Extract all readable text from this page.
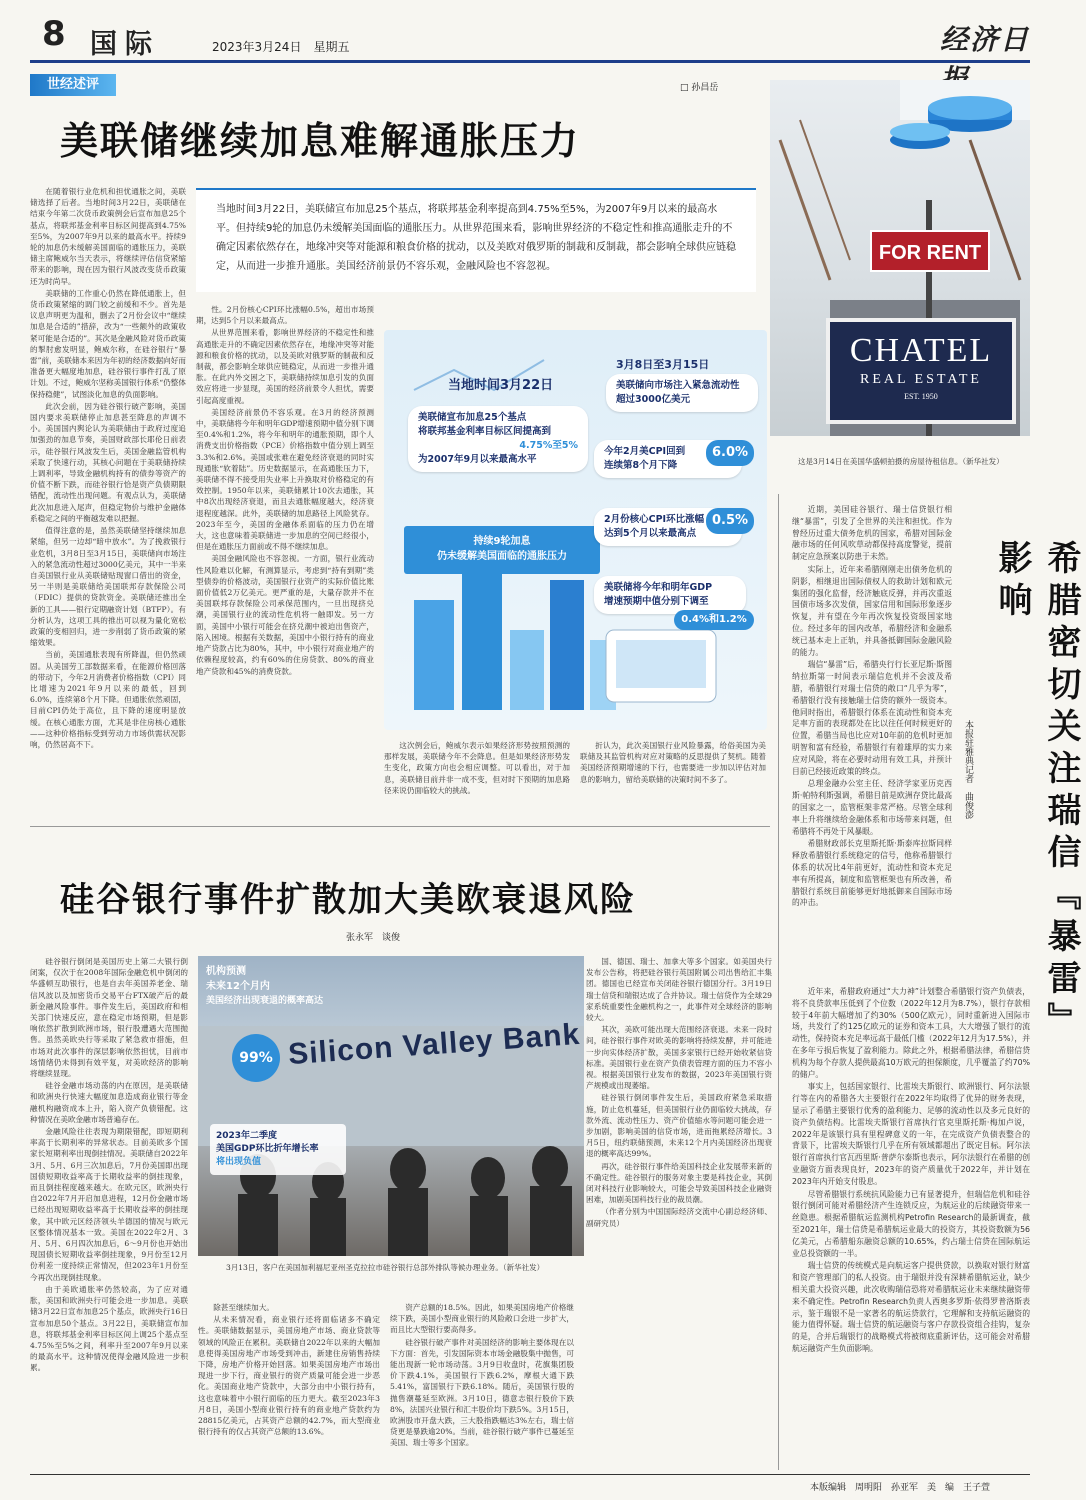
8 国际	2023年3月24日　星期五	经济日
世经述评	□ 孙昌岳
美联储继续加息难解通胀压力
FOR RENT
CHATEL
REAL ESTATE
EST. 1950
这是3月14日在美国华盛顿拍摄的房屋待租信息。（新华社发）
当地时间3月22日，美联储宣布加息25个基点，将联邦基金利率提高到4.75%至5%，为2007年9月以来的最高水平。但持续9轮的加息仍未缓解美国面临的通胀压力。从世界范围来看，影响世界经济的不稳定性和推高通胀走升的不确定因素依然存在，地缘冲突等对能源和粮食价格的扰动，以及美欧对俄罗斯的制裁和反制裁，都会影响全球供应链稳定，从而进一步推升通胀。美国经济前景仍不容乐观，金融风险也不容忽视。

在随着银行业危机和担忧通胀之间，美联储选择了后者。当地时间3月22日，美联储在结束今年第二次货币政策例会后宣布加息25个基点，将联邦基金利率目标区间提高到4.75%至5%，为2007年9月以来的最高水平。持续9轮的加息仍未缓解美国面临的通胀压力，美联储主席鲍威尔当天表示，将继续评估信贷紧缩带来的影响，现在因为银行风波改变货币政策还为时尚早。

美联储的工作重心仍然在降低通胀上，但货币政策紧缩的调门较之前缓和不少。首先是议息声明更为温和，删去了2月份会议中“继续加息是合适的”措辞，改为“一些额外的政策收紧可能是合适的”。其次是金融风险对货币政策的掣肘愈发明显，鲍威尔称，在硅谷银行“暴雷”前，美联储本来因为年初的经济数据向好而准备更大幅度地加息，硅谷银行事件打乱了原计划。不过，鲍威尔坚称美国银行体系“仍整体保持稳健”，试图淡化加息的负面影响。

此次会前，因为硅谷银行破产影响，美国国内要求美联储停止加息甚至降息的声调不小。美国国内舆论认为美联储由于政府过度追加强劲的加息节奏，美国财政部长耶伦日前表示，硅谷银行风波发生后，美国金融监管机构采取了快速行动，其核心问题在于美联储持续上调利率，导致金融机构持有的债券等资产的价值不断下跌，而硅谷银行恰是资产负债期限错配，流动性出现问题。有观点认为，美联储此次加息进入尾声，但稳定物价与维护金融体系稳定之间的平衡越发难以把握。

值得注意的是，虽然美联储坚持继续加息紧缩，但另一边却“暗中放水”。为了挽救银行业危机，3月8日至3月15日，美联储向市场注入的紧急流动性超过3000亿美元，其中一半来自美国银行业从美联储贴现窗口借出的资金，另一半则是美联储给美国联邦存款保险公司（FDIC）提供的贷款资金。美联储还推出全新的工具——银行定期融资计划（BTFP）。有分析认为，这项工具的推出可以视为量化宽松政策的变相回归，进一步削弱了货币政策的紧缩效果。

当前，美国通胀表现有所降温，但仍然顽固。从美国劳工部数据来看，在能源价格回落的带动下，今年2月消费者价格指数（CPI）同比增速为2021年9月以来的最低，回到6.0%，连续第8个月下降。但通胀依然顽固，目前CPI仍处于高位，且下降的速度明显放缓。在核心通胀方面，尤其是非住房核心通胀——这种价格指标受到劳动力市场供需状况影响，仍然居高不下。

性。2月份核心CPI环比涨幅0.5%，超出市场预期，达到5个月以来最高点。

从世界范围来看，影响世界经济的不稳定性和推高通胀走升的不确定因素依然存在，地缘冲突等对能源和粮食价格的扰动，以及美欧对俄罗斯的制裁和反制裁，都会影响全球供应链稳定，从而进一步推升通胀。在此内外交困之下，美联储持续加息引发的负面效应将进一步显现，美国的经济前景令人担忧，需要引起高度重视。

美国经济前景仍不容乐观。在3月的经济预测中，美联储将今年和明年GDP增速预期中值分别下调至0.4%和1.2%，将今年和明年的通胀预期，即个人消费支出价格指数（PCE）价格指数中值分别上调至3.3%和2.6%。美国或张难在避免经济衰退的同时实现通胀“软着陆”。历史数据显示，在高通胀压力下，美联储不得不接受用失业率上升换取对价格稳定的有效控制。1950年以来，美联储累计10次去通胀，其中8次出现经济衰退，而且去通胀幅度越大，经济衰退程度越深。此外，美联储的加息路径上风险犹存。2023年至今，美国的金融体系面临的压力仍在增大，这也意味着美联储进一步加息的空间已经很小，但是在通胀压力面前或不得不继续加息。

美国金融风险也不容忽视。一方面，银行业流动性风险难以化解，有测算显示，考虑到“持有到期”类型债券的价格波动，美国银行业资产的实际价值比账面价值低2万亿美元。更严重的是，大量存款并不在美国联邦存款保险公司承保范围内，一旦出现挤兑潮，美国银行业的流动性危机将一触即发。另一方面，美国中小银行可能会在挤兑潮中被迫出售资产，陷入困境。根据有关数据，美国中小银行持有的商业地产贷款占比为80%，其中，中小银行对商业地产的依赖程度较高，约有60%的住房贷款、80%的商业地产贷款和45%的消费贷款。

这次例会后，鲍威尔表示如果经济形势按照预测的那样发展，美联储今年不会降息。但是如果经济形势发生变化，政策方向也会相应调整。可以看出，对于加息，美联储目前并非一成不变，但对时下预期的加息路径来说仍面临较大的挑战。

折认为，此次美国银行业风险暴露，给俗美国为美联储及其监管机构对应对策略的反思提供了契机。随着美国经济预期增速的下行，也需要进一步加以评估对加息的影响力，留给美联储的决策时间不多了。

当地时间3月22日
美联储宣布加息25个基点
将联邦基金利率目标区间提高到
4.75%至5%
为2007年9月以来最高水平
持续9轮加息
仍未缓解美国面临的通胀压力
3月8日至3月15日
美联储向市场注入紧急流动性
超过3000亿美元
今年2月美CPI回到
连续第8个月下降
6.0%
2月份核心CPI环比涨幅
达到5个月以来最高点
0.5%
美联储将今年和明年GDP
增速预期中值分别下调至
0.4%和1.2%
硅谷银行事件扩散加大美欧衰退风险
张永军　谈俊
Silicon Valley Bank
机构预测
未来12个月内
美国经济出现衰退的概率高达
99%
2023年二季度
美国GDP环比折年增长率
将出现负值
3月13日，客户在美国加利福尼亚州圣克拉拉市硅谷银行总部外排队等候办理业务。（新华社发）

硅谷银行倒闭是美国历史上第二大银行倒闭案，仅次于在2008年国际金融危机中倒闭的华盛顿互助银行，也是自去年美国养老金、瑞信风波以及加密货币交易平台FTX破产后的最新金融风险事件。事件发生后，美国政府和相关部门快速反应，意在稳定市场预期，但是影响依然扩散到欧洲市场，银行股遭遇大范围抛售。虽然美欧央行等采取了紧急救市措施，但市场对此次事件的深层影响依然担忧，目前市场情绪仍未得到有效平复，对美欧经济的影响将继续显现。

硅谷金融市场动荡的内在原因，是美联储和欧洲央行快速大幅度加息造成商业银行等金融机构融资成本上升，陷入资产负债错配。这种情况在美欧金融市场普遍存在。

金融风险往往表现为期限错配，即短期利率高于长期利率的异常状态。目前美欧多个国家长短期利率出现倒挂情况。美联储自2022年3月、5月、6月三次加息后，7月份美国即出现国债短期收益率高于长期收益率的倒挂现象，而且倒挂程度越来越大。在欧元区，欧洲央行自2022年7月开启加息进程，12月份金融市场已经出现短期收益率高于长期收益率的倒挂现象，其中欧元区经济领头羊德国的情况与欧元区整体情况基本一致。美国在2022年2月、3月、5月、6月四次加息后，6～9月份也开始出现国债长短期收益率倒挂现象，9月份至12月份利差一度持续正常情况，但2023年1月份至今再次出现倒挂现象。

由于美欧通胀率仍然较高，为了应对通胀，美国和欧洲央行可能会进一步加息。美联储3月22日宣布加息25个基点，欧洲央行16日宣布加息50个基点。3月22日，美联储宣布加息，将联邦基金利率目标区间上调25个基点至4.75%至5%之间，利率升至2007年9月以来的最高水平。这种情况使得金融风险进一步积累。

除甚至继续加大。

从未来情况看，商业银行还将面临诸多不确定性。美联储数据显示，美国房地产市场、商业贷款等领域的风险正在累积。美联储自2022年以来的大幅加息使得美国房地产市场受到冲击，新建住房销售持续下降，房地产价格开始回落。如果美国房地产市场出现进一步下行，商业银行的资产质量可能会进一步恶化。美国商业地产贷款中，大部分由中小银行持有，这也意味着中小银行面临的压力更大。截至2023年3月8日，美国小型商业银行持有的商业地产贷款约为28815亿美元，占其资产总额的42.7%，而大型商业银行持有的仅占其资产总额的13.6%。

资产总额的18.5%。因此，如果美国房地产价格继续下跌，美国小型商业银行的风险敞口会进一步扩大，而且比大型银行要高得多。

硅谷银行破产事件对美国经济的影响主要体现在以下方面：首先，引发国际资本市场金融股集中抛售，可能出现新一轮市场动荡。3月9日收盘时，花旗集团股价下跌4.1%，美国银行下跌6.2%，摩根大通下跌5.41%，富国银行下跌6.18%。随后，美国银行股的抛售潮蔓延至欧洲。3月10日，德意志银行股价下跌8%，法国兴业银行和汇丰股价均下跌5%。3月15日，欧洲股市开盘大跌，三大股指跌幅达3%左右，瑞士信贷更是暴跌逾20%。当前，硅谷银行破产事件已蔓延至美国、瑞士等多个国家。

国、德国、瑞士、加拿大等多个国家。如美国央行发布公告称，将把硅谷银行英国附属公司出售给汇丰集团。德国也已经宣布关闭硅谷银行德国分行。3月19日瑞士信贷和瑞银达成了合并协议。瑞士信贷作为全球29家系统重要性金融机构之一，此事件对全球经济的影响较大。

其次，美欧可能出现大范围经济衰退。未来一段时间，硅谷银行事件对欧美的影响将持续发酵，并可能进一步向实体经济扩散，美国多家银行已经开始收紧信贷标准。美国银行业在资产负债表管理方面的压力不容小视。根据美国银行业发布的数据，2023年美国银行资产规模或出现萎缩。

硅谷银行倒闭事件发生后，美国政府紧急采取措施，防止危机蔓延，但美国银行业仍面临较大挑战，存款外流、流动性压力、资产价值缩水等问题可能会进一步加剧，影响美国的信贷市场，进而拖累经济增长。3月5日，纽约联储预测，未来12个月内美国经济出现衰退的概率高达99%。

再次，硅谷银行事件给美国科技企业发展带来新的不确定性。硅谷银行的服务对象主要是科技企业，其倒闭对科技行业影响较大，可能会导致美国科技企业融资困难，加剧美国科技行业的裁员潮。

（作者分别为中国国际经济交流中心副总经济师、副研究员）

希腊密切关注瑞信『暴雷』影响
本报驻雅典记者　曲俊澎

近期，美国硅谷银行、瑞士信贷银行相继“暴雷”，引发了全世界的关注和担忧。作为曾经历过重大债务危机的国家，希腊对国际金融市场的任何风吹草动都保持高度警觉，提前制定应急预案以防患于未然。

实际上，近年来希腊刚刚走出债务危机的阴影，相继退出国际债权人的救助计划和欧元集团的强化监督，经济触底反弹，并再次重返国债市场多次发债，国家信用和国际形象逐步恢复，并有望在今年再次恢复投资级国家地位。经过多年的国内改革，希腊经济和金融系统已基本走上正轨，并具备抵御国际金融风险的能力。

瑞信“暴雷”后，希腊央行行长亚尼斯·斯图纳拉斯第一时间表示瑞信危机并不会波及希腊，希腊银行对瑞士信贷的敞口“几乎为零”，希腊银行没有接触瑞士信贷的额外一级资本。他同时指出，希腊银行体系在流动性和资本充足率方面的表现都处在比以往任何时候更好的位置，希腊当局也比应对10年前的危机时更加明智和富有经验，希腊银行有着雄厚的实力来应对风险，将在必要时动用有效工具，并预计目前已经接近政策的终点。

总理金融办公室主任、经济学家亚历克西斯·帕特利斯强调，希腊目前是欧洲存贷比最高的国家之一，监管框架非常严格。尽管全球利率上升将继续给金融体系和市场带来问题，但希腊将不再处于风暴眼。

希腊财政部长克里斯托斯·斯泰库拉斯同样释放希腊银行系统稳定的信号，他称希腊银行体系的状况比4年前更好，流动性和资本充足率有所提高，制度和监管框架也有所改善，希腊银行系统目前能够更好地抵御来自国际市场的冲击。

近年来，希腊政府通过“大力神”计划整合希腊银行资产负债表，将不良贷款率压低到了个位数（2022年12月为8.7%），银行存款相较于4年前大幅增加了约30%（500亿欧元），同时重新进入国际市场，共发行了约125亿欧元的证券和资本工具，大大增强了银行的流动性，保持资本充足率远高于最低门槛（2022年12月为17.5%），并在多年亏损后恢复了盈利能力。除此之外，根据希腊法律，希腊信贷机构为每个存款人提供最高10万欧元的担保额度，几乎覆盖了约70%的储户。

事实上，包括国家银行、比雷埃夫斯银行、欧洲银行、阿尔法银行等在内的希腊各大主要银行在2022年均取得了优异的财务表现，显示了希腊主要银行优秀的盈利能力、足够的流动性以及多元良好的资产负债结构。比雷埃夫斯银行首席执行官克里斯托斯·梅加卢说，2022年是该银行具有里程碑意义的一年，在完成资产负债表整合的背景下，比雷埃夫斯银行几乎在所有领域都超出了既定目标。阿尔法银行首席执行官瓦西里斯·普萨尔泰斯也表示，阿尔法银行在希腊的创业融资方面表现良好，2023年的资产质量优于2022年，并计划在2023年内开始支付股息。

尽管希腊银行系统抗风险能力已有显著提升，但瑞信危机和硅谷银行倒闭可能对希腊经济产生连锁反应，为航运业的后续融资带来一丝隐患。根据希腊航运监测机构Petrofin Research的最新调查，截至2021年，瑞士信贷是希腊航运业最大的投资方，其投资数额为56亿美元，占希腊船东融资总额的10.65%，约占瑞士信贷在国际航运业总投资额的一半。

瑞士信贷的传统模式是向航运客户提供贷款，以换取对银行财富和资产管理部门的私人投资。由于瑞银并没有深耕希腊航运业，缺少相关重大投资兴趣，此次收购瑞信恐将对希腊航运业未来继续融资带来不确定性。Petrofin Research负责人西奥多罗斯·依得罗普洛斯表示，鉴于瑞银不是一家著名的航运贷款行，它理解和支持航运融资的能力值得怀疑。瑞士信贷的航运融资与客户存款投资组合挂钩，复杂的是，合并后瑞银行的战略模式将被彻底重新评估，这可能会对希腊航运融资产生负面影响。

本版编辑　周明阳　孙亚军　美　编　王子萱
